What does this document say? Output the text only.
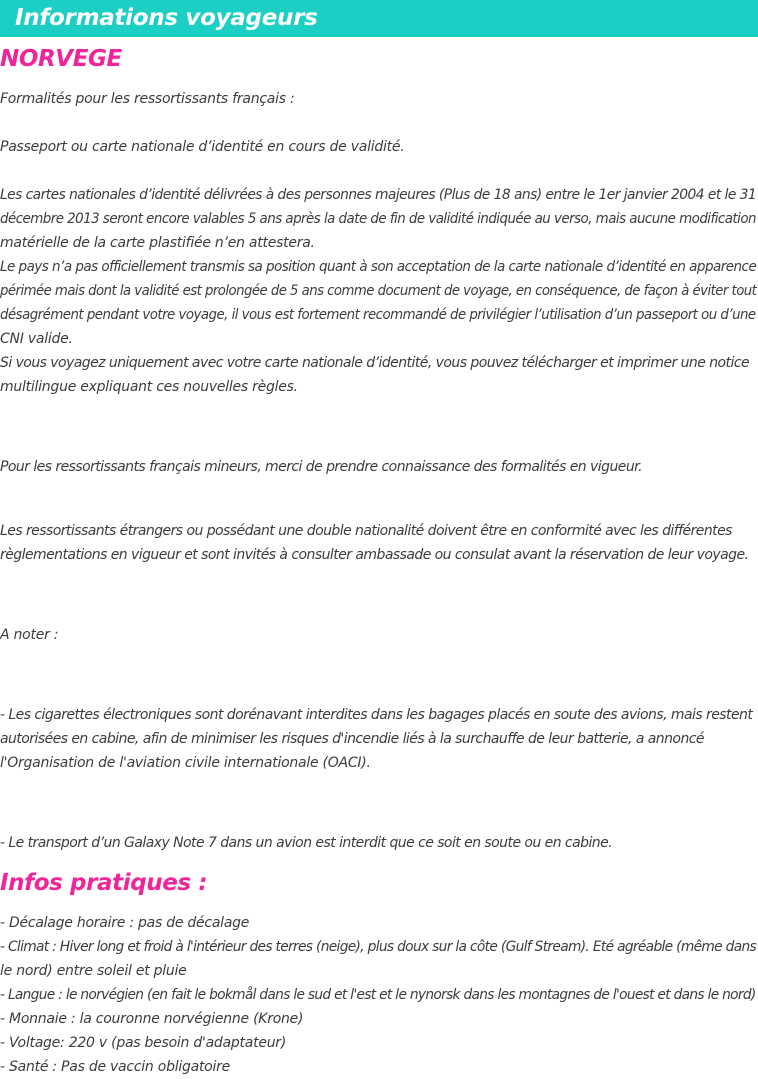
Informations voyageurs
NORVEGE

Formalités pour les ressortissants français :

Passeport ou carte nationale d’identité en cours de validité.

Les cartes nationales d’identité délivrées à des personnes majeures (Plus de 18 ans) entre le 1er janvier 2004 et le 31

décembre 2013 seront encore valables 5 ans après la date de fin de validité indiquée au verso, mais aucune modification

matérielle de la carte plastifiée n’en attestera.

Le pays n’a pas officiellement transmis sa position quant à son acceptation de la carte nationale d’identité en apparence

périmée mais dont la validité est prolongée de 5 ans comme document de voyage, en conséquence, de façon à éviter tout

désagrément pendant votre voyage, il vous est fortement recommandé de privilégier l’utilisation d’un passeport ou d’une

CNI valide.

Si vous voyagez uniquement avec votre carte nationale d’identité, vous pouvez télécharger et imprimer une notice

multilingue expliquant ces nouvelles règles.

Pour les ressortissants français mineurs, merci de prendre connaissance des formalités en vigueur.

Les ressortissants étrangers ou possédant une double nationalité doivent être en conformité avec les différentes

règlementations en vigueur et sont invités à consulter ambassade ou consulat avant la réservation de leur voyage.

A noter :

- Les cigarettes électroniques sont dorénavant interdites dans les bagages placés en soute des avions, mais restent

autorisées en cabine, afin de minimiser les risques d'incendie liés à la surchauffe de leur batterie, a annoncé

l'Organisation de l'aviation civile internationale (OACI).

- Le transport d’un Galaxy Note 7 dans un avion est interdit que ce soit en soute ou en cabine.

Infos pratiques :

- Décalage horaire : pas de décalage

- Climat : Hiver long et froid à l'intérieur des terres (neige), plus doux sur la côte (Gulf Stream). Eté agréable (même dans

le nord) entre soleil et pluie

- Langue : le norvégien (en fait le bokmål dans le sud et l'est et le nynorsk dans les montagnes de l'ouest et dans le nord)

- Monnaie : la couronne norvégienne (Krone)

- Voltage: 220 v (pas besoin d'adaptateur)

- Santé : Pas de vaccin obligatoire
